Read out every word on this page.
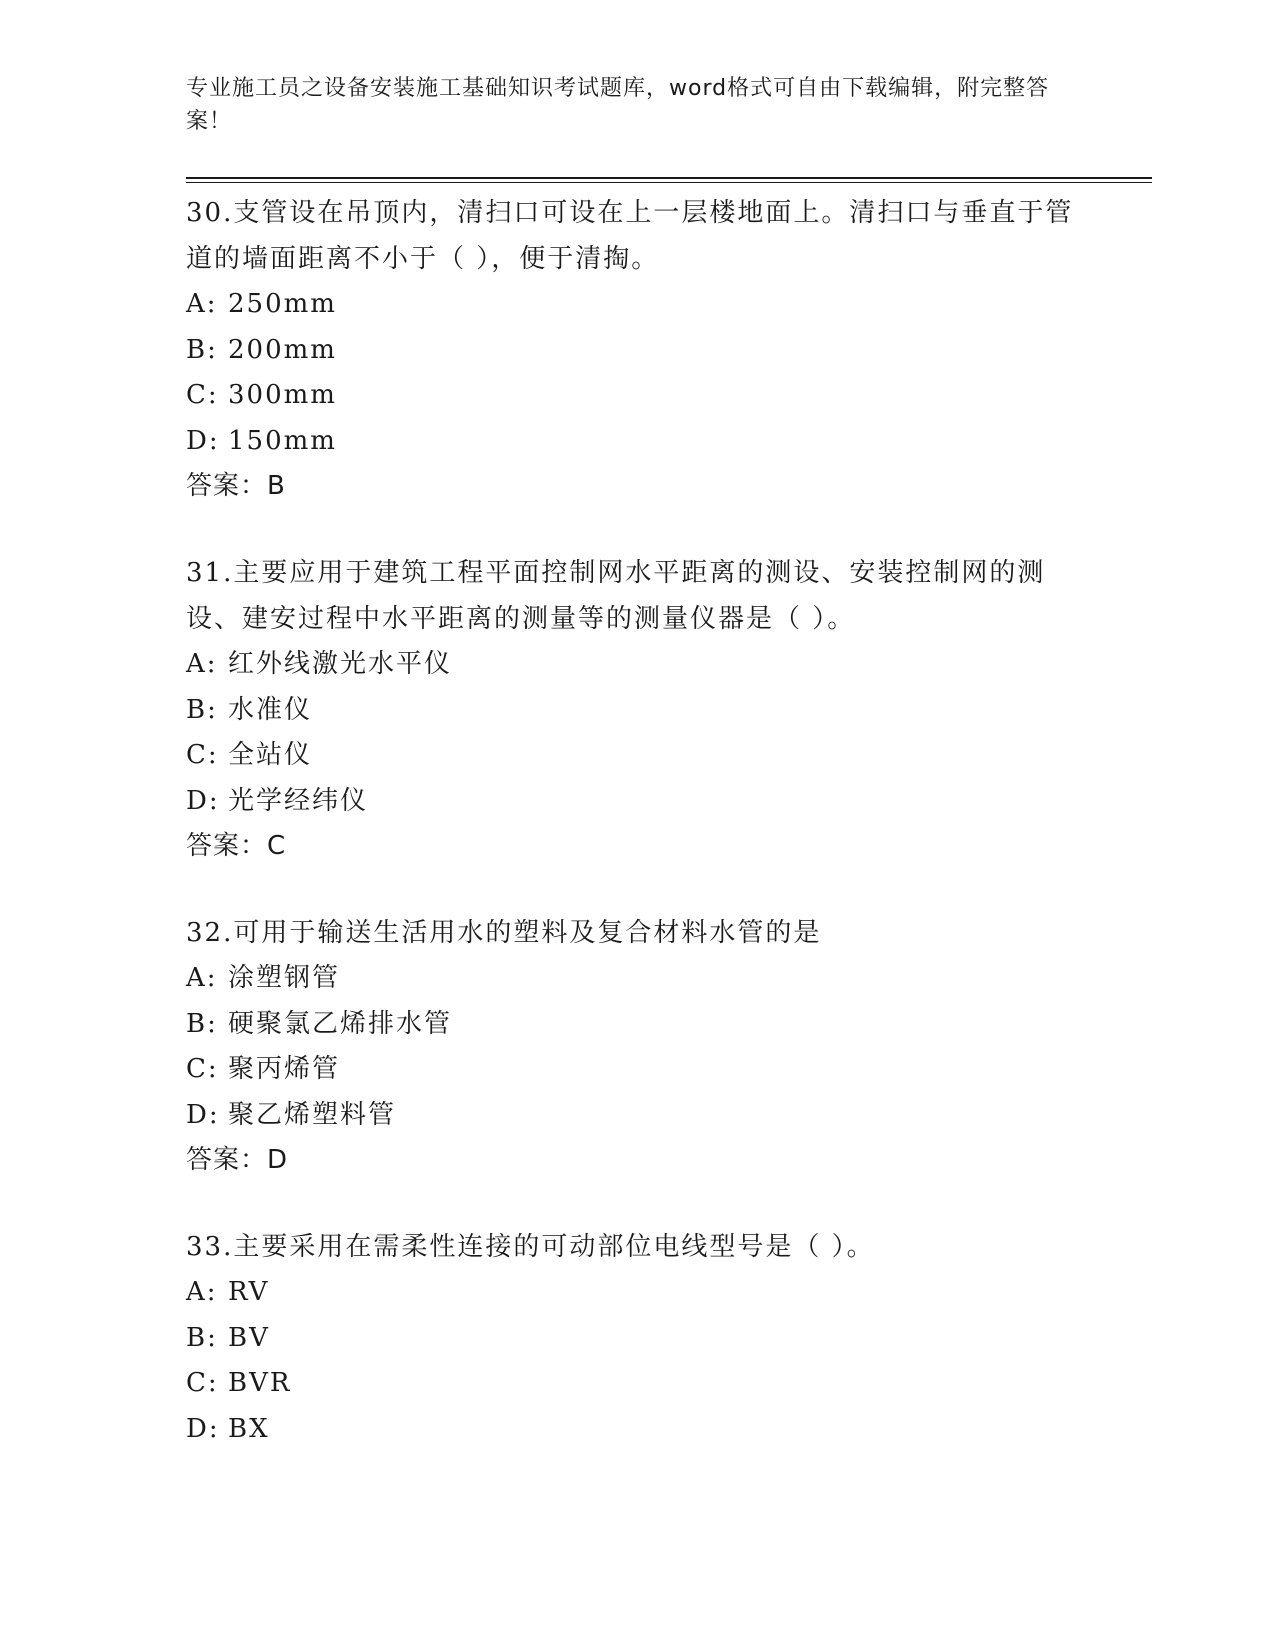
专业施工员之设备安装施工基础知识考试题库，word格式可自由下载编辑，附完整答案！

30.支管设在吊顶内，清扫口可设在上一层楼地面上。清扫口与垂直于管道的墙面距离不小于（ ），便于清掏。

A: 250mm
B: 200mm
C: 300mm
D: 150mm

答案：B

31.主要应用于建筑工程平面控制网水平距离的测设、安装控制网的测设、建安过程中水平距离的测量等的测量仪器是（ ）。

A: 红外线激光水平仪
B: 水准仪
C: 全站仪
D: 光学经纬仪

答案：C

32.可用于输送生活用水的塑料及复合材料水管的是

A: 涂塑钢管
B: 硬聚氯乙烯排水管
C: 聚丙烯管
D: 聚乙烯塑料管

答案：D

33.主要采用在需柔性连接的可动部位电线型号是（ ）。

A: RV
B: BV
C: BVR
D: BX
